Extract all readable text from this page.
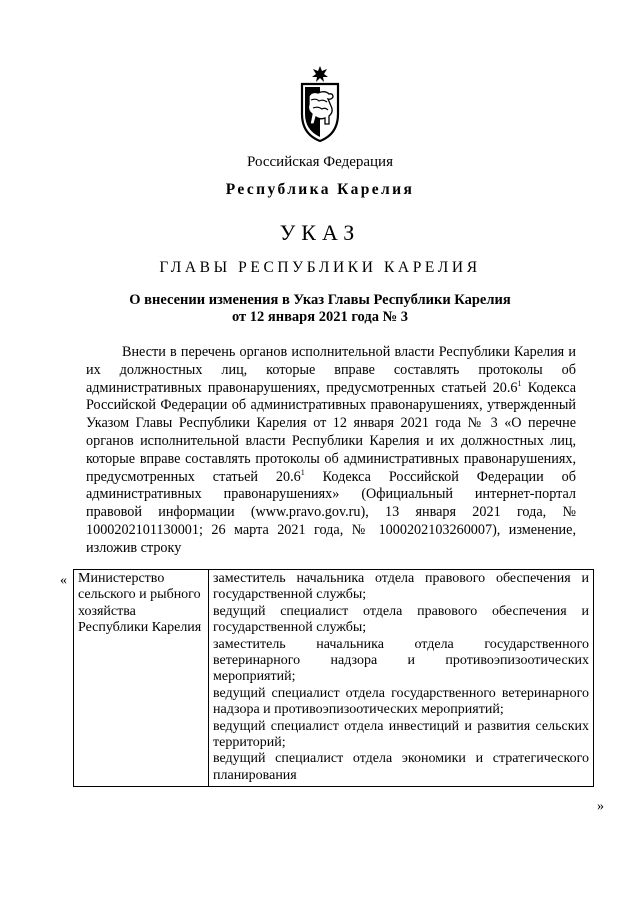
Российская Федерация
Республика Карелия
УКАЗ
ГЛАВЫ РЕСПУБЛИКИ КАРЕЛИЯ
О внесении изменения в Указ Главы Республики Карелия
от 12 января 2021 года № 3

Внести в перечень органов исполнительной власти Республики Карелия и их должностных лиц, которые вправе составлять протоколы об административных правонарушениях, предусмотренных статьей 20.6$^1$ Кодекса Российской Федерации об административных правонарушениях, утвержденный Указом Главы Республики Карелия от 12 января 2021 года № 3 «О перечне органов исполнительной власти Республики Карелия и их должностных лиц, которые вправе составлять протоколы об административных правонарушениях, предусмотренных статьей 20.6$^1$ Кодекса Российской Федерации об административных правонарушениях» (Официальный интернет-портал правовой информации (www.pravo.gov.ru), 13 января 2021 года, № 1000202101130001; 26 марта 2021 года, № 1000202103260007), изменение, изложив строку

« Министерство сельского и рыбного хозяйства Республики Карелия	
заместитель начальника отдела правового обеспечения и государственной службы;
ведущий специалист отдела правового обеспечения и государственной службы;
заместитель начальника отдела государственного ветеринарного надзора и противоэпизоотических мероприятий;
ведущий специалист отдела государственного ветеринарного надзора и противоэпизоотических мероприятий;
ведущий специалист отдела инвестиций и развития сельских территорий;
ведущий специалист отдела экономики и стратегического планирования
»
